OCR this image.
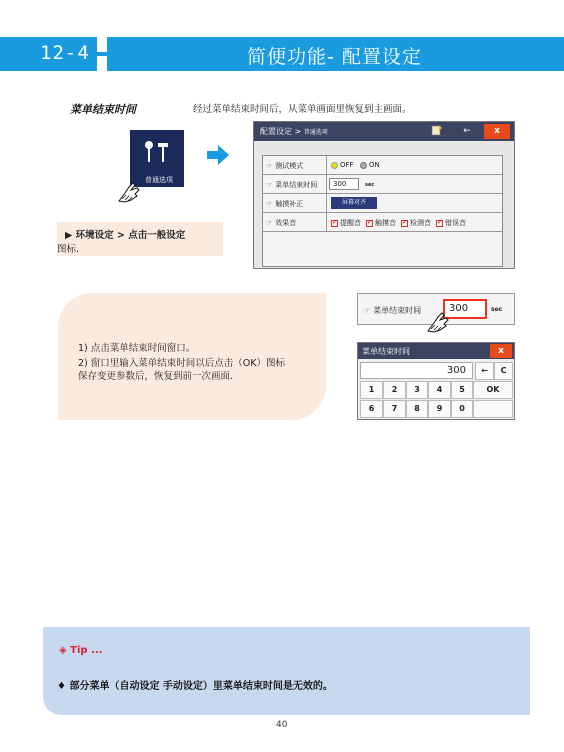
12-4	简便功能- 配置设定
菜单结束时间	经过菜单结束时间后，从菜单画面里恢复到主画面。
普通选项
▶ 环境设定 > 点击一般设定
图标.
配置设定 > 普通选项	←	x
☞ 测试模式	OFF	ON
☞ 菜单结束时间	300	sec
☞ 触摸补正	屏幕对齐
☞ 效果音 ✓	提醒音 ✓	触摸音 ✓	检测音 ✓	错误音
1) 点击菜单结束时间窗口。
2) 窗口里输入菜单结束时间以后点击（OK）图标
保存变更参数后，恢复到前一次画面.
☞ 菜单结束时间	300	sec
菜单结束时间	x
300	←	C
1	2	3	4	5	OK
6	7	8	9	0
◈ Tip ...
♦ 部分菜单（自动设定 手动设定）里菜单结束时间是无效的。
40
